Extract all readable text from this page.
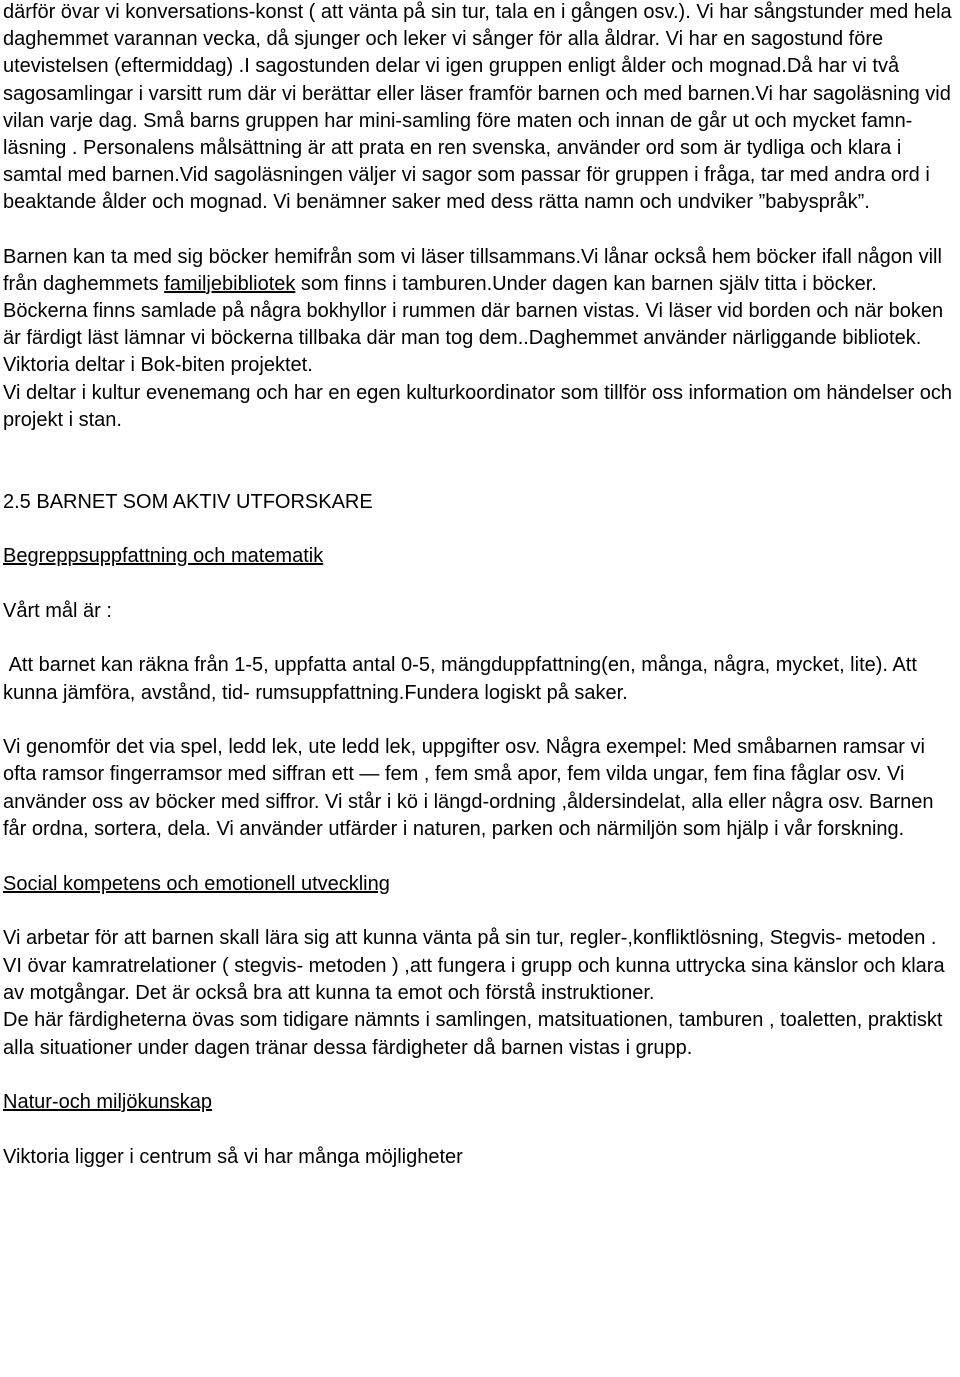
därför övar vi konversations-konst ( att vänta på sin tur, tala en i gången osv.). Vi har sångstunder med hela daghemmet varannan vecka, då sjunger och leker vi sånger för alla åldrar. Vi har en sagostund före utevistelsen (eftermiddag) .I sagostunden delar vi igen gruppen enligt ålder och mognad.Då har vi två sagosamlingar i varsitt rum där vi berättar eller läser framför barnen och med barnen.Vi har sagoläsning vid vilan varje dag. Små barns gruppen har mini-samling före maten och innan de går ut och mycket famn-läsning . Personalens målsättning är att prata en ren svenska, använder ord som är tydliga och klara i samtal med barnen.Vid sagoläsningen väljer vi sagor som passar för gruppen i fråga, tar med andra ord i beaktande ålder och mognad. Vi benämner saker med dess rätta namn och undviker ”babyspråk”.

Barnen kan ta med sig böcker hemifrån som vi läser tillsammans.Vi lånar också hem böcker ifall någon vill från daghemmets familjebibliotek som finns i tamburen.Under dagen kan barnen själv titta i böcker. Böckerna finns samlade på några bokhyllor i rummen där barnen vistas. Vi läser vid borden och när boken är färdigt läst lämnar vi böckerna tillbaka där man tog dem..Daghemmet använder närliggande bibliotek.

Viktoria deltar i Bok-biten projektet.

Vi deltar i kultur evenemang och har en egen kulturkoordinator som tillför oss information om händelser och projekt i stan.

2.5 BARNET SOM AKTIV UTFORSKARE

Begreppsuppfattning och matematik

Vårt mål är :

Att barnet kan räkna från 1-5, uppfatta antal 0-5, mängduppfattning(en, många, några, mycket, lite). Att kunna jämföra, avstånd, tid- rumsuppfattning.Fundera logiskt på saker.

Vi genomför det via spel, ledd lek, ute ledd lek, uppgifter osv. Några exempel: Med småbarnen ramsar vi ofta ramsor fingerramsor med siffran ett — fem , fem små apor, fem vilda ungar, fem fina fåglar osv. Vi använder oss av böcker med siffror. Vi står i kö i längd-ordning ,åldersindelat, alla eller några osv. Barnen får ordna, sortera, dela. Vi använder utfärder i naturen, parken och närmiljön som hjälp i vår forskning.

Social kompetens och emotionell utveckling

Vi arbetar för att barnen skall lära sig att kunna vänta på sin tur, regler-,konfliktlösning, Stegvis- metoden .

VI övar kamratrelationer ( stegvis- metoden ) ,att fungera i grupp och kunna uttrycka sina känslor och klara av motgångar. Det är också bra att kunna ta emot och förstå instruktioner.

De här färdigheterna övas som tidigare nämnts i samlingen, matsituationen, tamburen , toaletten, praktiskt alla situationer under dagen tränar dessa färdigheter då barnen vistas i grupp.

Natur-och miljökunskap

Viktoria ligger i centrum så vi har många möjligheter
